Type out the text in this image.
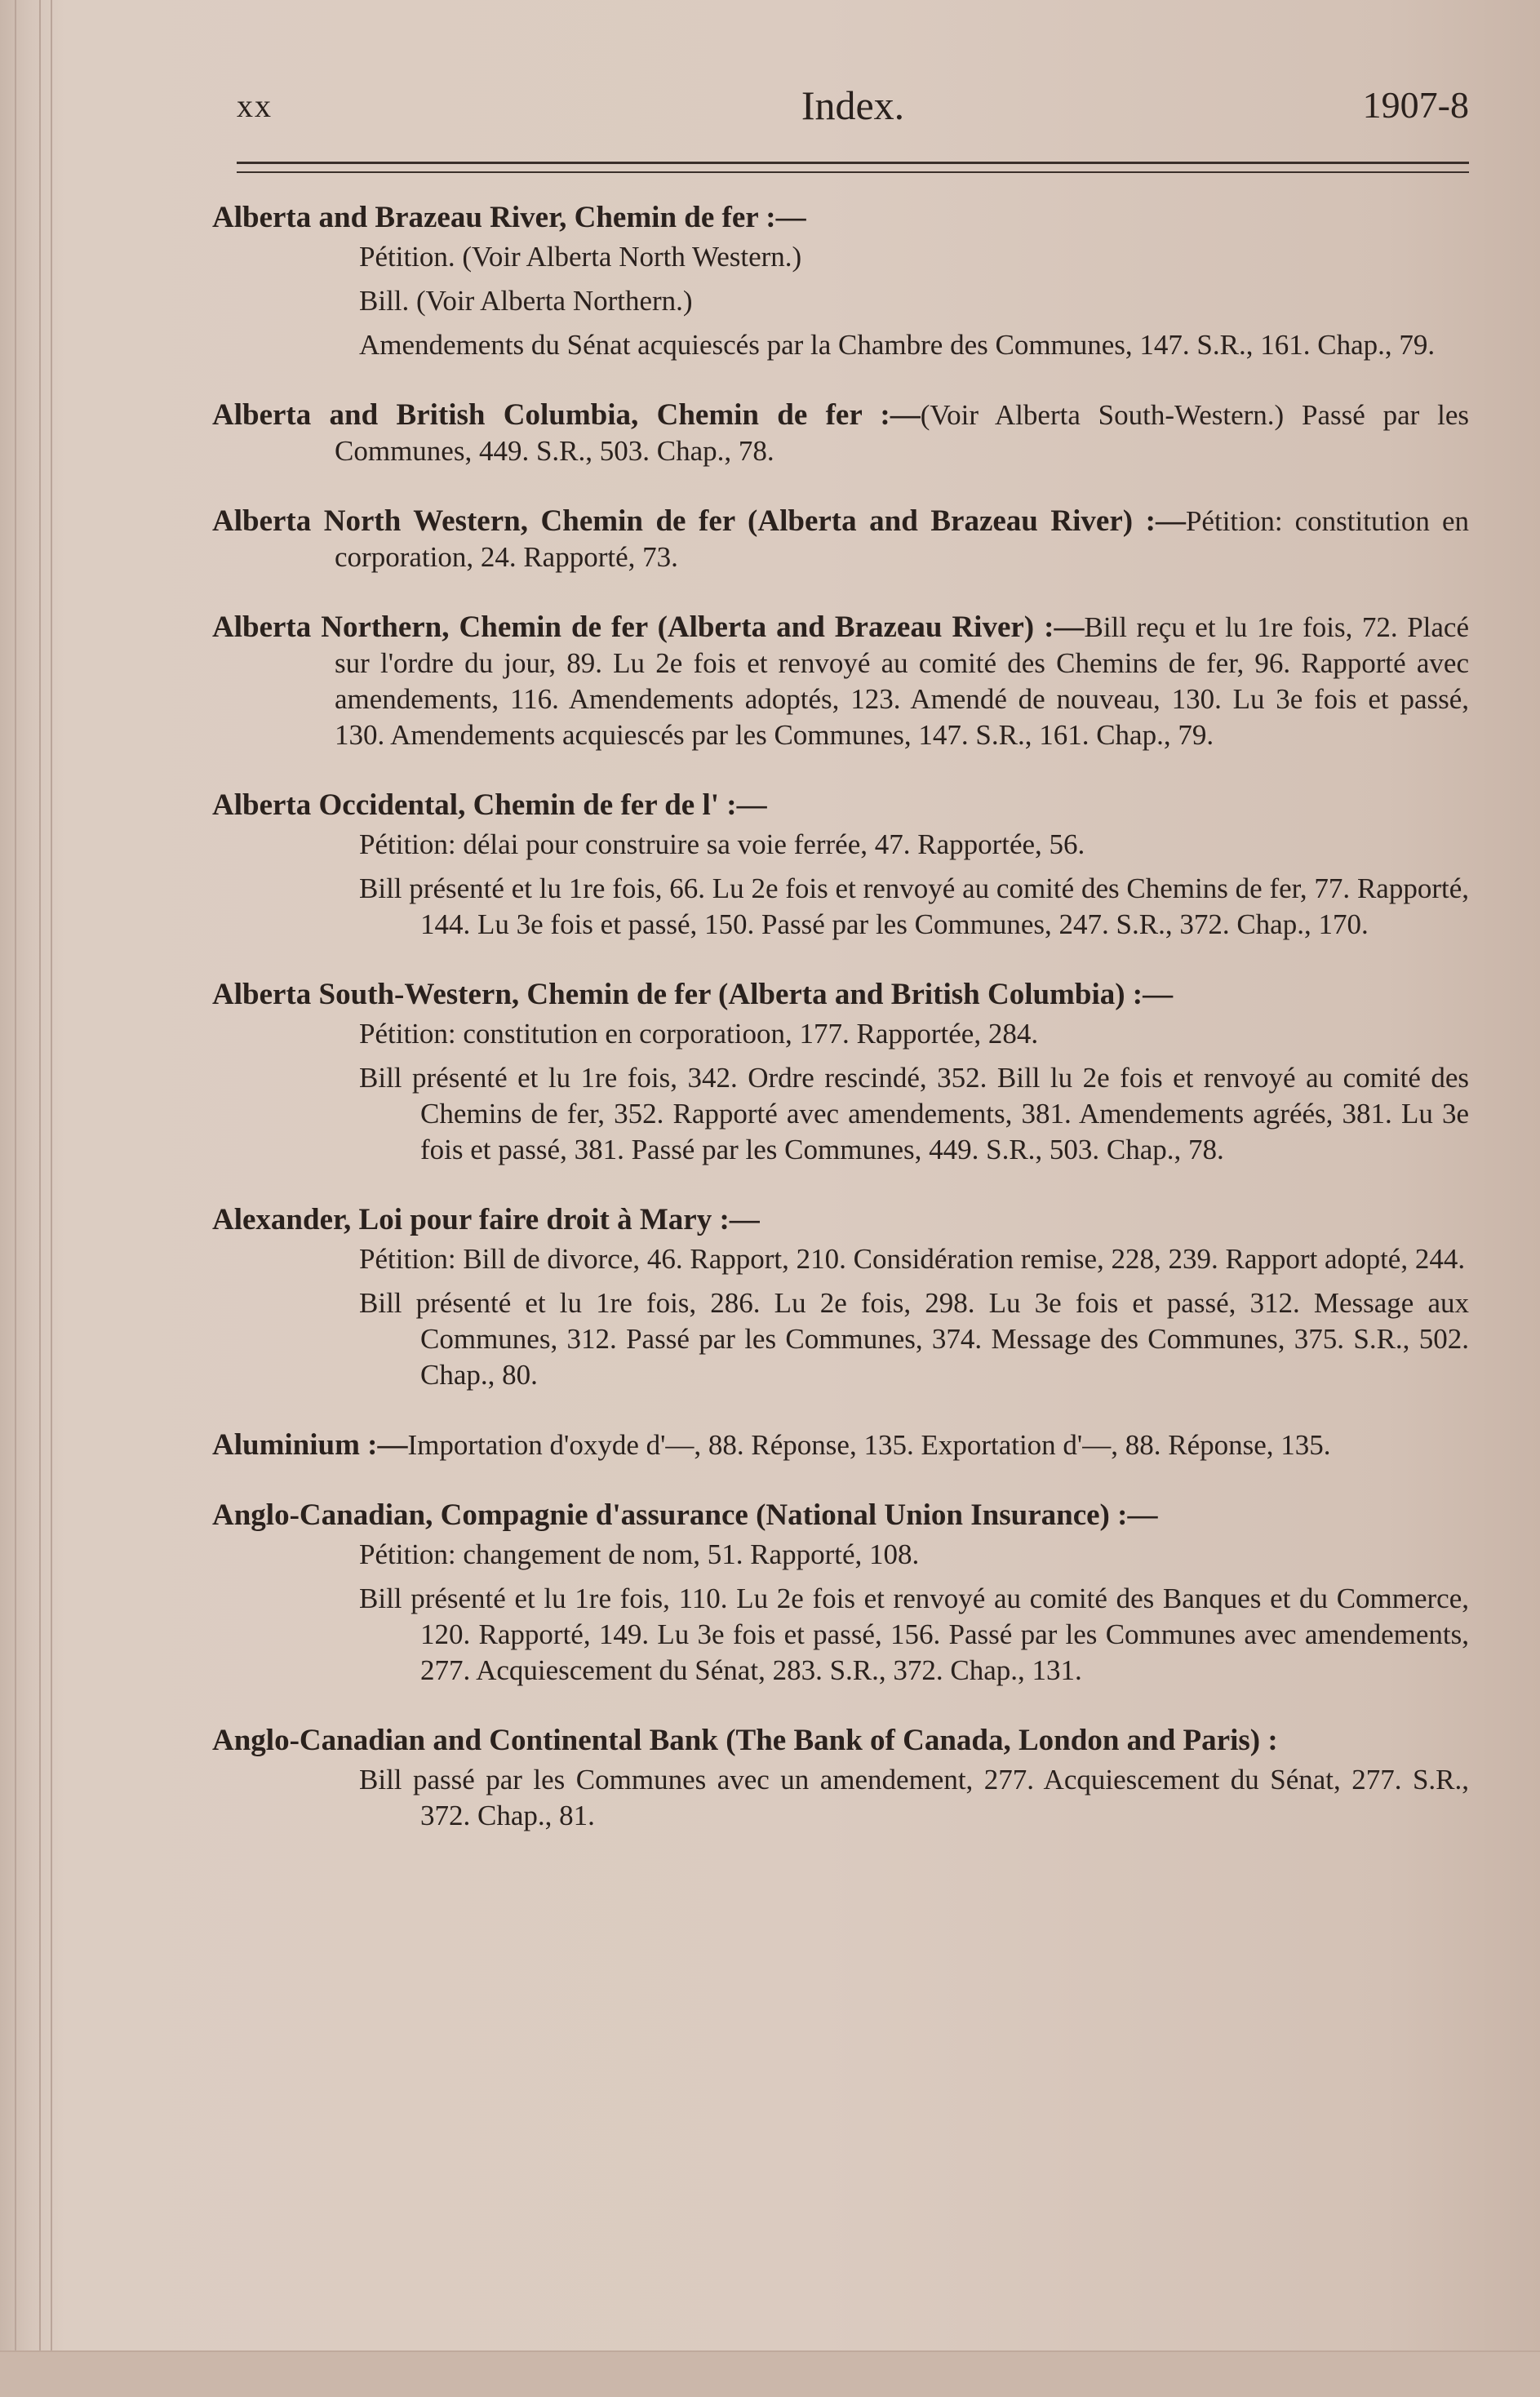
xx	Index.	1907-8
Alberta and Brazeau River, Chemin de fer :—
Pétition. (Voir Alberta North Western.)
Bill. (Voir Alberta Northern.)
Amendements du Sénat acquiescés par la Chambre des Communes, 147. S.R., 161. Chap., 79.
Alberta and British Columbia, Chemin de fer :—(Voir Alberta South-Western.) Passé par les Communes, 449. S.R., 503. Chap., 78.
Alberta North Western, Chemin de fer (Alberta and Brazeau River) :—Pétition: constitution en corporation, 24. Rapporté, 73.
Alberta Northern, Chemin de fer (Alberta and Brazeau River) :—Bill reçu et lu 1re fois, 72. Placé sur l'ordre du jour, 89. Lu 2e fois et renvoyé au comité des Chemins de fer, 96. Rapporté avec amendements, 116. Amendements adoptés, 123. Amendé de nouveau, 130. Lu 3e fois et passé, 130. Amendements acquiescés par les Communes, 147. S.R., 161. Chap., 79.
Alberta Occidental, Chemin de fer de l' :—
Pétition: délai pour construire sa voie ferrée, 47. Rapportée, 56.
Bill présenté et lu 1re fois, 66. Lu 2e fois et renvoyé au comité des Chemins de fer, 77. Rapporté, 144. Lu 3e fois et passé, 150. Passé par les Communes, 247. S.R., 372. Chap., 170.
Alberta South-Western, Chemin de fer (Alberta and British Columbia) :—
Pétition: constitution en corporatioon, 177. Rapportée, 284.
Bill présenté et lu 1re fois, 342. Ordre rescindé, 352. Bill lu 2e fois et renvoyé au comité des Chemins de fer, 352. Rapporté avec amendements, 381. Amendements agréés, 381. Lu 3e fois et passé, 381. Passé par les Communes, 449. S.R., 503. Chap., 78.
Alexander, Loi pour faire droit à Mary :—
Pétition: Bill de divorce, 46. Rapport, 210. Considération remise, 228, 239. Rapport adopté, 244.
Bill présenté et lu 1re fois, 286. Lu 2e fois, 298. Lu 3e fois et passé, 312. Message aux Communes, 312. Passé par les Communes, 374. Message des Communes, 375. S.R., 502. Chap., 80.
Aluminium :—Importation d'oxyde d'—, 88. Réponse, 135. Exportation d'—, 88. Réponse, 135.
Anglo-Canadian, Compagnie d'assurance (National Union Insurance) :—
Pétition: changement de nom, 51. Rapporté, 108.
Bill présenté et lu 1re fois, 110. Lu 2e fois et renvoyé au comité des Banques et du Commerce, 120. Rapporté, 149. Lu 3e fois et passé, 156. Passé par les Communes avec amendements, 277. Acquiescement du Sénat, 283. S.R., 372. Chap., 131.
Anglo-Canadian and Continental Bank (The Bank of Canada, London and Paris) :
Bill passé par les Communes avec un amendement, 277. Acquiescement du Sénat, 277. S.R., 372. Chap., 81.
